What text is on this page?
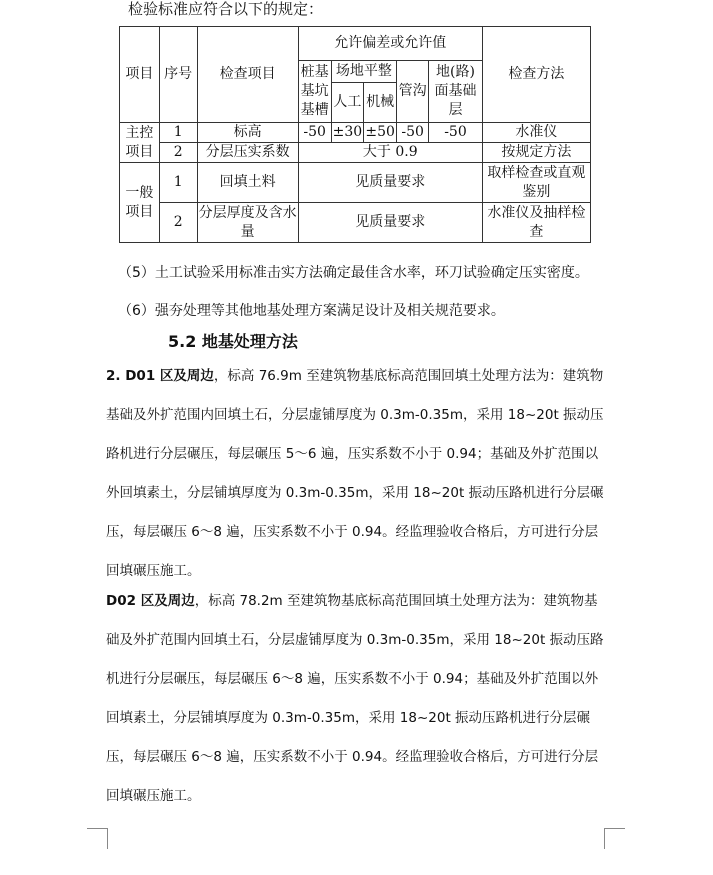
检验标准应符合以下的规定：
项目	序号	检查项目	允许偏差或允许值					检查方法
			桩基基坑基槽	场地平整		管沟	地(路)面基础层	
				人工	机械			
主控项目	1	标高	-50	±30	±50	-50	-50	水准仪
	2	分层压实系数	大于 0.9					按规定方法
一般项目	1	回填土料	见质量要求					取样检查或直观鉴别
	2	分层厚度及含水量	见质量要求					水准仪及抽样检查
（5）土工试验采用标准击实方法确定最佳含水率，环刀试验确定压实密度。
（6）强夯处理等其他地基处理方案满足设计及相关规范要求。
5.2 地基处理方法

2. D01 区及周边，标高 76.9m 至建筑物基底标高范围回填土处理方法为：建筑物基础及外扩范围内回填土石，分层虚铺厚度为 0.3m-0.35m，采用 18~20t 振动压路机进行分层碾压，每层碾压 5～6 遍，压实系数不小于 0.94；基础及外扩范围以外回填素土，分层铺填厚度为 0.3m-0.35m，采用 18~20t 振动压路机进行分层碾压，每层碾压 6～8 遍，压实系数不小于 0.94。经监理验收合格后，方可进行分层回填碾压施工。

D02 区及周边，标高 78.2m 至建筑物基底标高范围回填土处理方法为：建筑物基础及外扩范围内回填土石，分层虚铺厚度为 0.3m-0.35m，采用 18~20t 振动压路机进行分层碾压，每层碾压 6～8 遍，压实系数不小于 0.94；基础及外扩范围以外回填素土，分层铺填厚度为 0.3m-0.35m，采用 18~20t 振动压路机进行分层碾压，每层碾压 6～8 遍，压实系数不小于 0.94。经监理验收合格后，方可进行分层回填碾压施工。
